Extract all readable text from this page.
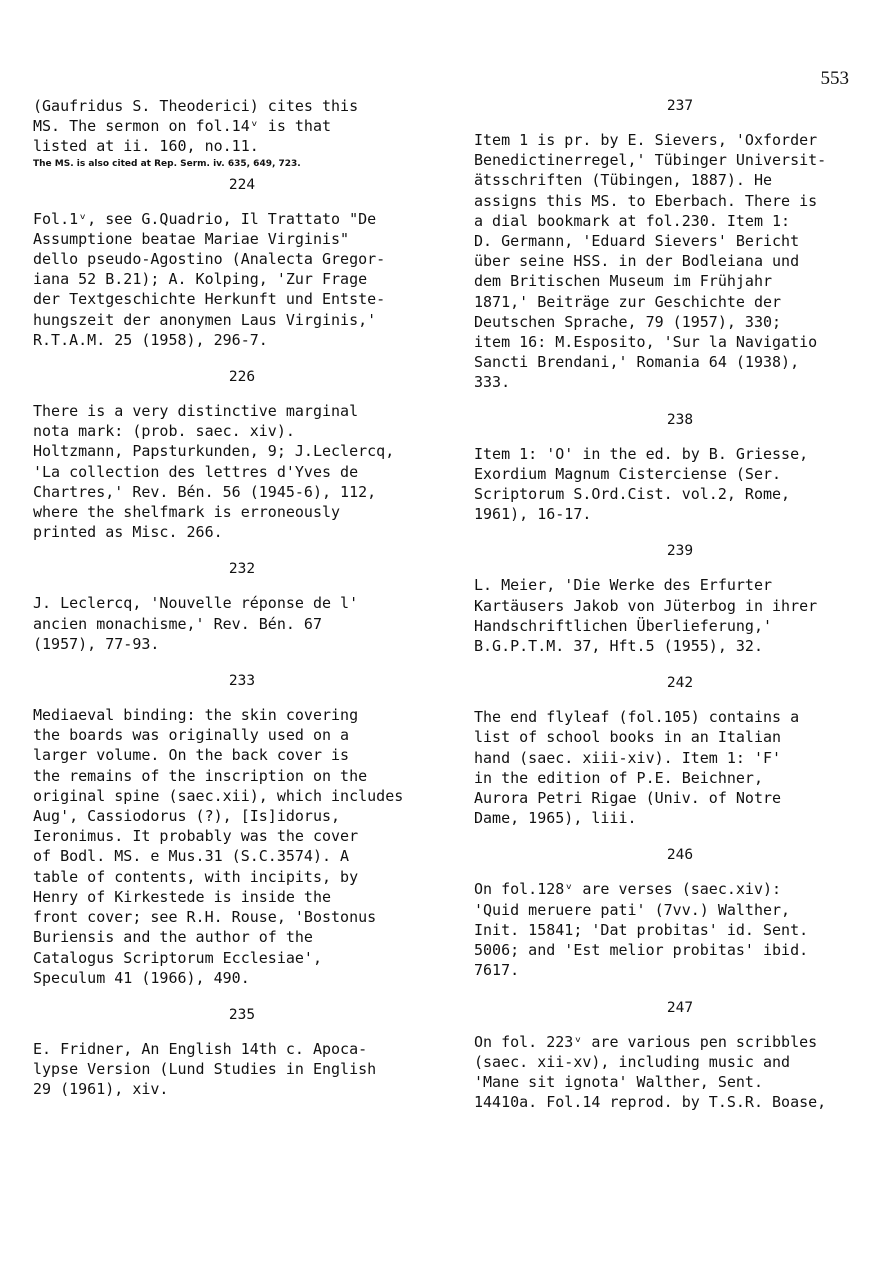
553

(Gaufridus S. Theoderici) cites this
MS. The sermon on fol.14ᵛ is that
listed at ii. 160, no.11.

The MS. is also cited at Rep. Serm. iv. 635, 649, 723.
224

Fol.1ᵛ, see G.Quadrio, Il Trattato "De
Assumptione beatae Mariae Virginis"
dello pseudo-Agostino (Analecta Gregor-
iana 52 B.21); A. Kolping, 'Zur Frage
der Textgeschichte Herkunft und Entste-
hungszeit der anonymen Laus Virginis,'
R.T.A.M. 25 (1958), 296-7.

226

There is a very distinctive marginal
nota mark: (prob. saec. xiv).
Holtzmann, Papsturkunden, 9; J.Leclercq,
'La collection des lettres d'Yves de
Chartres,' Rev. Bén. 56 (1945-6), 112,
where the shelfmark is erroneously
printed as Misc. 266.

232

J. Leclercq, 'Nouvelle réponse de l'
ancien monachisme,' Rev. Bén. 67
(1957), 77-93.

233

Mediaeval binding: the skin covering
the boards was originally used on a
larger volume. On the back cover is
the remains of the inscription on the
original spine (saec.xii), which includes
Aug', Cassiodorus (?), [Is]idorus,
Ieronimus. It probably was the cover
of Bodl. MS. e Mus.31 (S.C.3574). A
table of contents, with incipits, by
Henry of Kirkestede is inside the
front cover; see R.H. Rouse, 'Bostonus
Buriensis and the author of the
Catalogus Scriptorum Ecclesiae',
Speculum 41 (1966), 490.

235

E. Fridner, An English 14th c. Apoca-
lypse Version (Lund Studies in English
29 (1961), xiv.

237

Item 1 is pr. by E. Sievers, 'Oxforder
Benedictinerregel,' Tübinger Universit-
ätsschriften (Tübingen, 1887). He
assigns this MS. to Eberbach. There is
a dial bookmark at fol.230. Item 1:
D. Germann, 'Eduard Sievers' Bericht
über seine HSS. in der Bodleiana und
dem Britischen Museum im Frühjahr
1871,' Beiträge zur Geschichte der
Deutschen Sprache, 79 (1957), 330;
item 16: M.Esposito, 'Sur la Navigatio
Sancti Brendani,' Romania 64 (1938),
333.

238

Item 1: 'O' in the ed. by B. Griesse,
Exordium Magnum Cisterciense (Ser.
Scriptorum S.Ord.Cist. vol.2, Rome,
1961), 16-17.

239

L. Meier, 'Die Werke des Erfurter
Kartäusers Jakob von Jüterbog in ihrer
Handschriftlichen Überlieferung,'
B.G.P.T.M. 37, Hft.5 (1955), 32.

242

The end flyleaf (fol.105) contains a
list of school books in an Italian
hand (saec. xiii-xiv). Item 1: 'F'
in the edition of P.E. Beichner,
Aurora Petri Rigae (Univ. of Notre
Dame, 1965), liii.

246

On fol.128ᵛ are verses (saec.xiv):
'Quid meruere pati' (7vv.) Walther,
Init. 15841; 'Dat probitas' id. Sent.
5006; and 'Est melior probitas' ibid.
7617.

247

On fol. 223ᵛ are various pen scribbles
(saec. xii-xv), including music and
'Mane sit ignota' Walther, Sent.
14410a. Fol.14 reprod. by T.S.R. Boase,
